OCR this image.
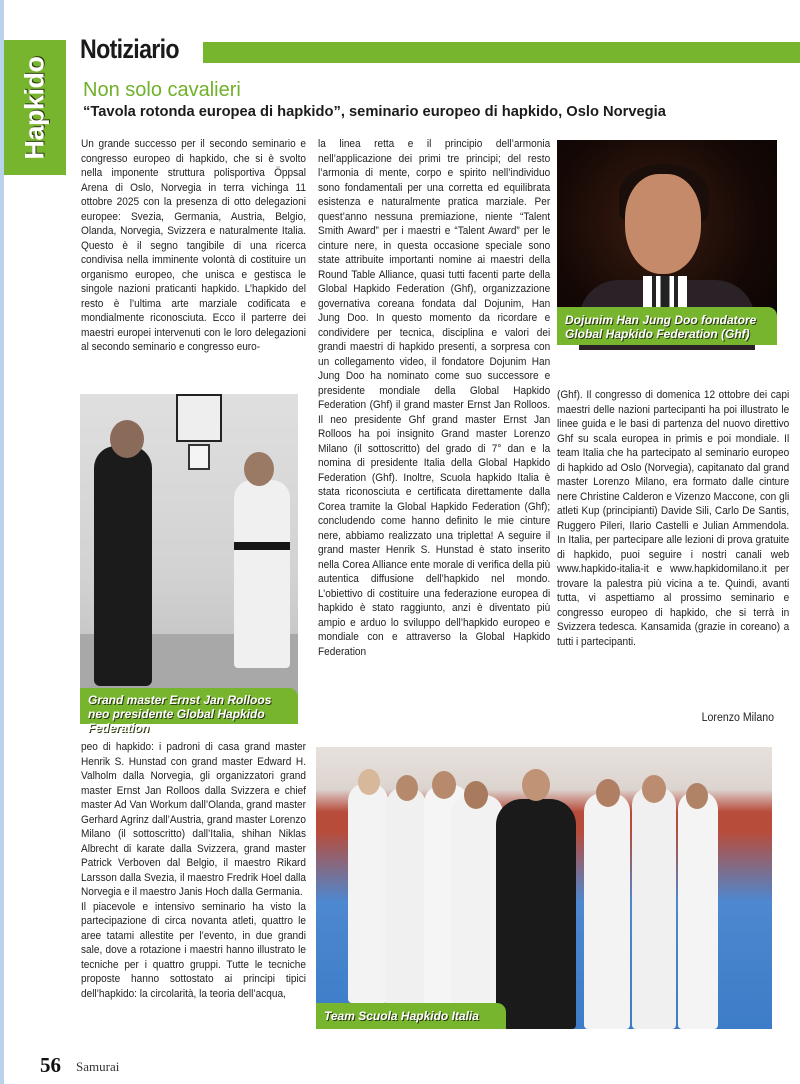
Hapkido
Notiziario
Non solo cavalieri
“Tavola rotonda europea di hapkido”, seminario europeo di hapkido, Oslo Norvegia

Un grande successo per il secondo seminario e congresso europeo di hapkido, che si è svolto nella imponente struttura polisportiva Öppsal Arena di Oslo, Norvegia in terra vichinga 11 ottobre 2025 con la presenza di otto delegazioni europee: Svezia, Germania, Austria, Belgio, Olanda, Norvegia, Svizzera e naturalmente Italia. Questo è il segno tangibile di una ricerca condivisa nella imminente volontà di costituire un organismo europeo, che unisca e gestisca le singole nazioni praticanti hapkido. L’hapkido del resto è l’ultima arte marziale codificata e mondialmente riconosciuta. Ecco il parterre dei maestri europei intervenuti con le loro delegazioni al secondo seminario e congresso euro-

la linea retta e il principio dell’armonia nell’applicazione dei primi tre principi; del resto l’armonia di mente, corpo e spirito nell’individuo sono fondamentali per una corretta ed equilibrata esistenza e naturalmente pratica marziale. Per quest’anno nessuna premiazione, niente “Talent Smith Award” per i maestri e “Talent Award” per le cinture nere, in questa occasione speciale sono state attribuite importanti nomine ai maestri della Round Table Alliance, quasi tutti facenti parte della Global Hapkido Federation (Ghf), organizzazione governativa coreana fondata dal Dojunim, Han Jung Doo. In questo momento da ricordare e condividere per tecnica, disciplina e valori dei grandi maestri di hapkido presenti, a sorpresa con un collegamento video, il fondatore Dojunim Han Jung Doo ha nominato come suo successore e presidente mondiale della Global Hapkido Federation (Ghf) il grand master Ernst Jan Rolloos. Il neo presidente Ghf grand master Ernst Jan Rolloos ha poi insignito Grand master Lorenzo Milano (il sottoscritto) del grado di 7° dan e la nomina di presidente Italia della Global Hapkido Federation (Ghf). Inoltre, Scuola hapkido Italia è stata riconosciuta e certificata direttamente dalla Corea tramite la Global Hapkido Federation (Ghf); concludendo come hanno definito le mie cinture nere, abbiamo realizzato una tripletta! A seguire il grand master Henrik S. Hunstad è stato inserito nella Corea Alliance ente morale di verifica della più autentica diffusione dell’hapkido nel mondo. L’obiettivo di costituire una federazione europea di hapkido è stato raggiunto, anzi è diventato più ampio e arduo lo sviluppo dell’hapkido europeo e mondiale con e attraverso la Global Hapkido Federation

(Ghf). Il congresso di domenica 12 ottobre dei capi maestri delle nazioni partecipanti ha poi illustrato le linee guida e le basi di partenza del nuovo direttivo Ghf su scala europea in primis e poi mondiale. Il team Italia che ha partecipato al seminario europeo di hapkido ad Oslo (Norvegia), capitanato dal grand master Lorenzo Milano, era formato dalle cinture nere Christine Calderon e Vizenzo Maccone, con gli atleti Kup (principianti) Davide Sili, Carlo De Santis, Ruggero Pileri, Ilario Castelli e Julian Ammendola. In Italia, per partecipare alle lezioni di prova gratuite di hapkido, puoi seguire i nostri canali web www.hapkido-italia-it e www.hapkidomilano.it per trovare la palestra più vicina a te. Quindi, avanti tutta, vi aspettiamo al prossimo seminario e congresso europeo di hapkido, che si terrà in Svizzera tedesca. Kansamida (grazie in coreano) a tutti i partecipanti.

Lorenzo Milano

peo di hapkido: i padroni di casa grand master Henrik S. Hunstad con grand master Edward H. Valholm dalla Norvegia, gli organizzatori grand master Ernst Jan Rolloos dalla Svizzera e chief master Ad Van Workum dall’Olanda, grand master Gerhard Agrinz dall’Austria, grand master Lorenzo Milano (il sottoscritto) dall’Italia, shihan Niklas Albrecht di karate dalla Svizzera, grand master Patrick Verboven dal Belgio, il maestro Rikard Larsson dalla Svezia, il maestro Fredrik Hoel dalla Norvegia e il maestro Janis Hoch dalla Germania.

Il piacevole e intensivo seminario ha visto la partecipazione di circa novanta atleti, quattro le aree tatami allestite per l’evento, in due grandi sale, dove a rotazione i maestri hanno illustrato le tecniche per i quattro gruppi. Tutte le tecniche proposte hanno sottostato ai principi tipici dell’hapkido: la circolarità, la teoria dell’acqua,

Grand master Ernst Jan Rolloos neo presidente Global Hapkido Federation
Dojunim Han Jung Doo fondatore Global Hapkido Federation (Ghf)
Team Scuola Hapkido Italia
56 Samurai
